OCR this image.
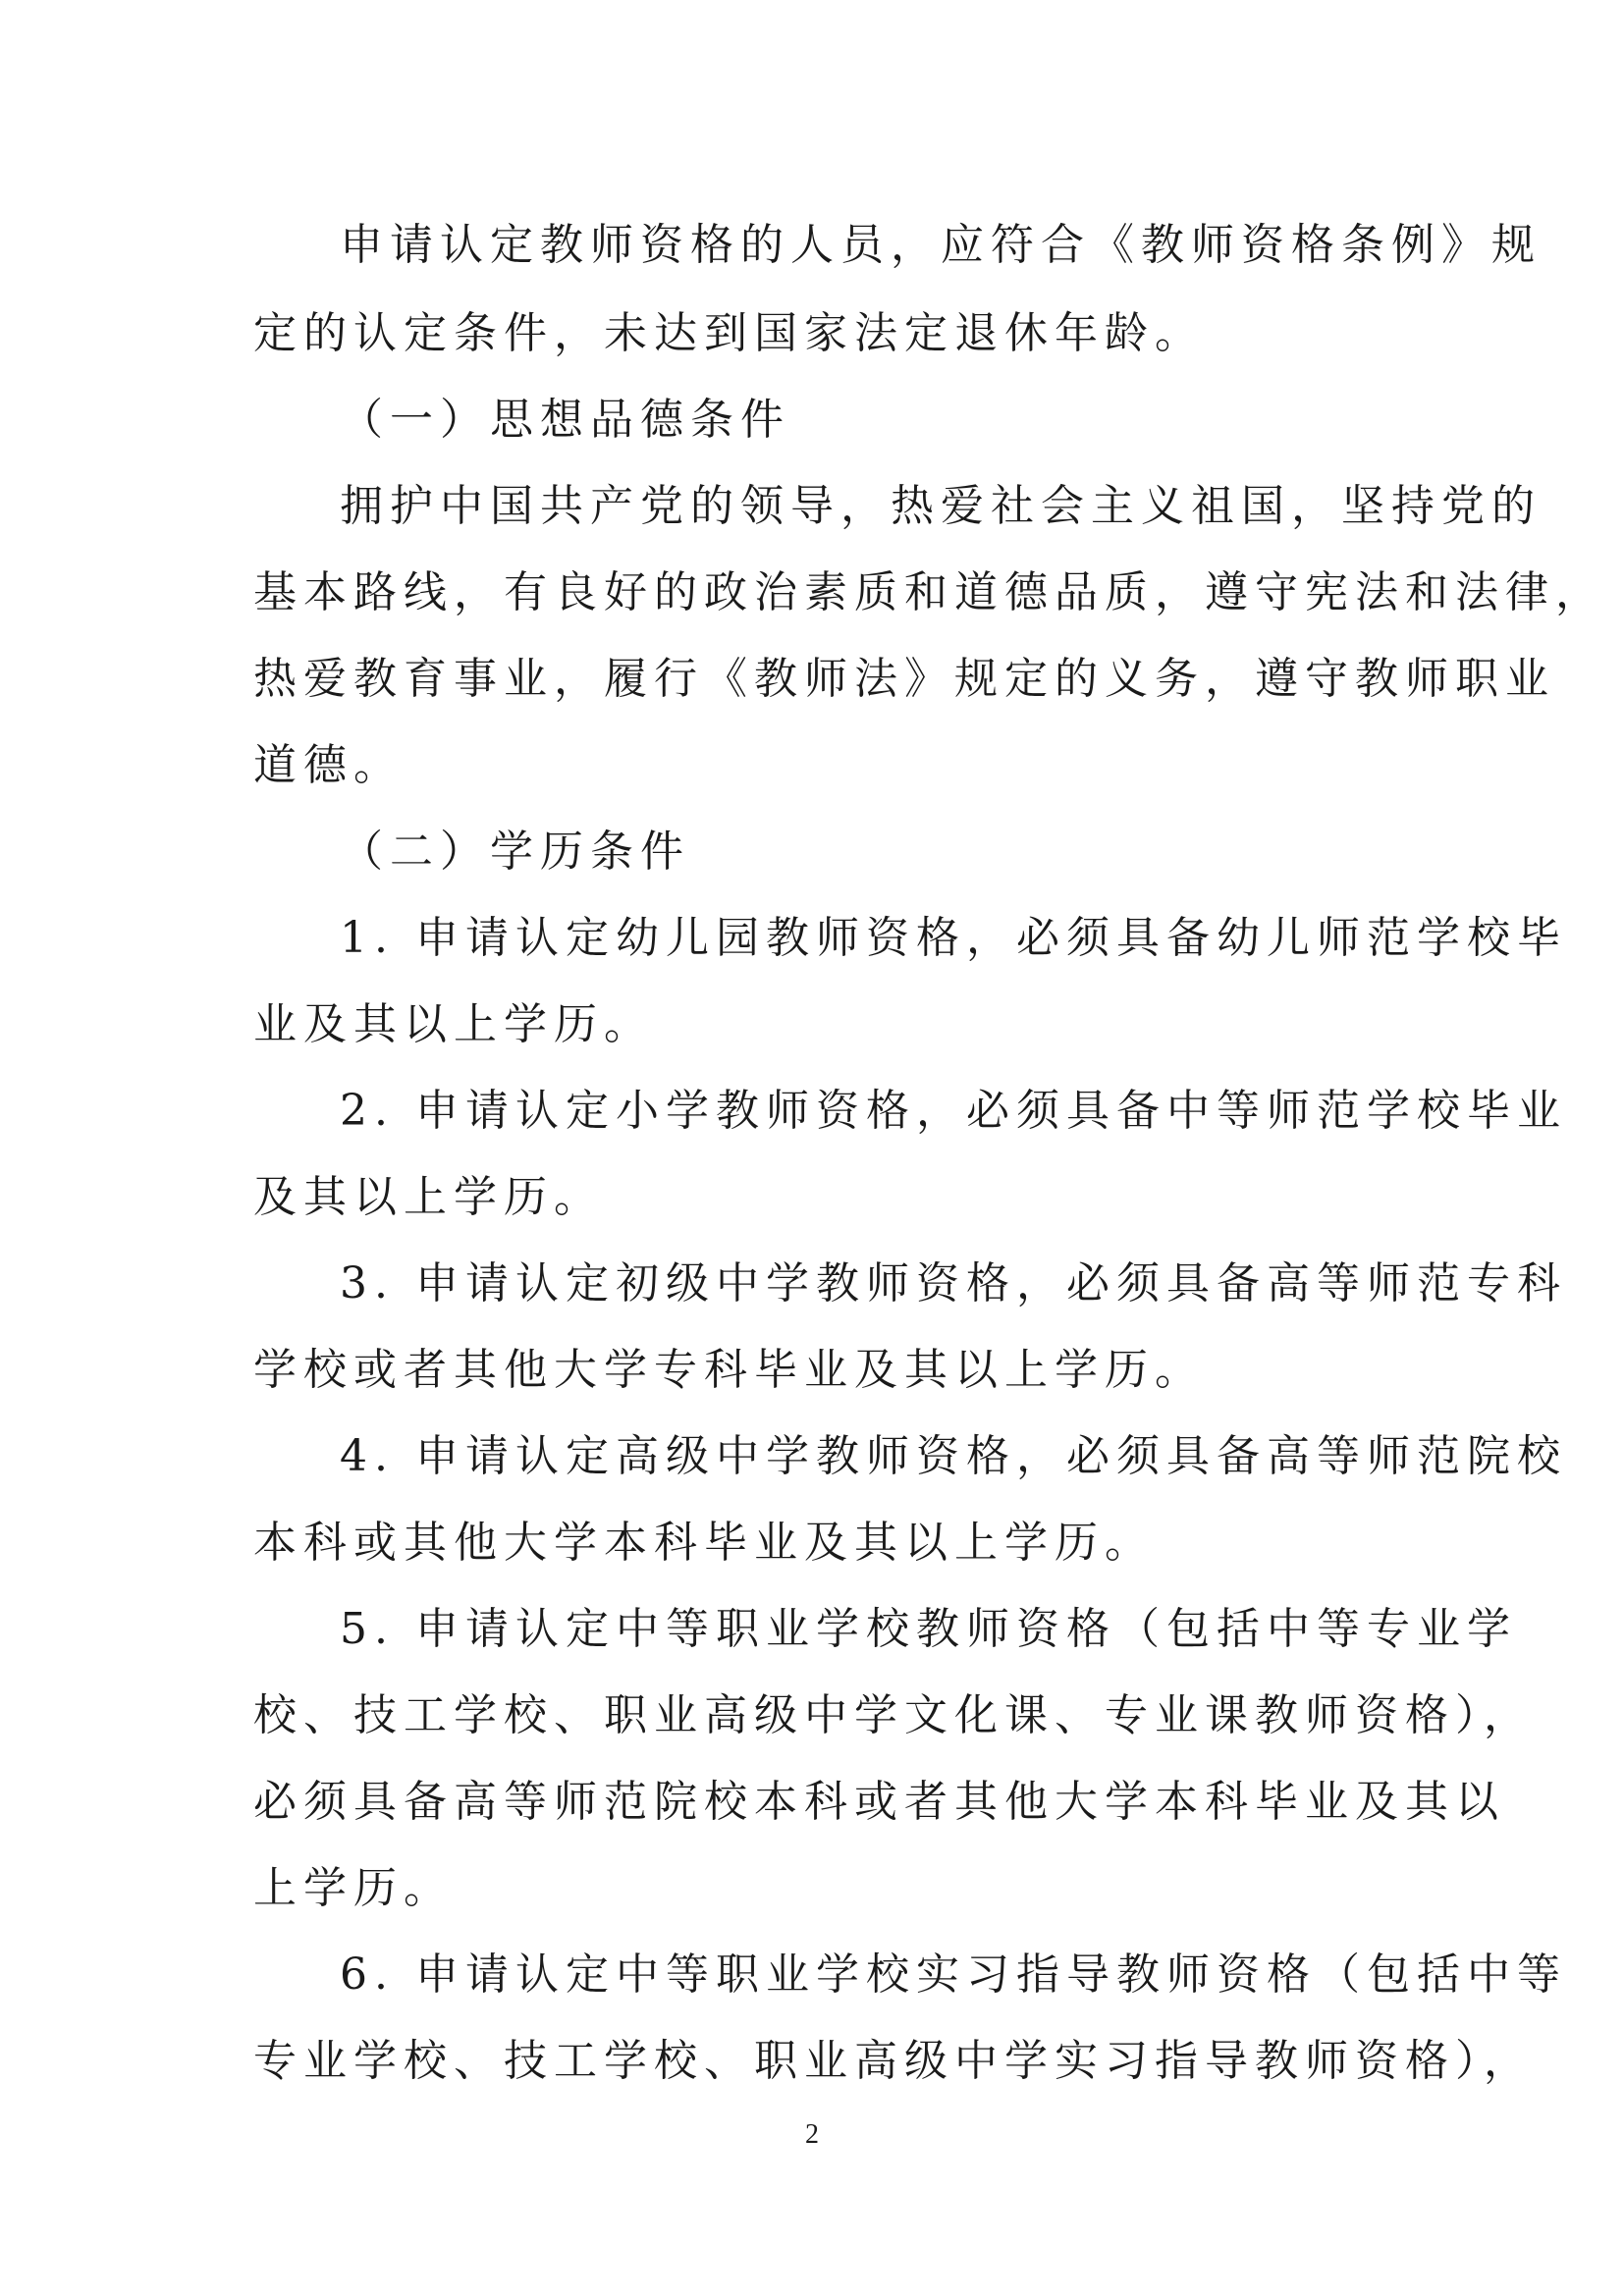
申请认定教师资格的人员，应符合《教师资格条例》规
定的认定条件，未达到国家法定退休年龄。
（一）思想品德条件
拥护中国共产党的领导，热爱社会主义祖国，坚持党的
基本路线，有良好的政治素质和道德品质，遵守宪法和法律，
热爱教育事业，履行《教师法》规定的义务，遵守教师职业
道德。
（二）学历条件
1. 申请认定幼儿园教师资格，必须具备幼儿师范学校毕
业及其以上学历。
2. 申请认定小学教师资格，必须具备中等师范学校毕业
及其以上学历。
3. 申请认定初级中学教师资格，必须具备高等师范专科
学校或者其他大学专科毕业及其以上学历。
4. 申请认定高级中学教师资格，必须具备高等师范院校
本科或其他大学本科毕业及其以上学历。
5. 申请认定中等职业学校教师资格（包括中等专业学
校、技工学校、职业高级中学文化课、专业课教师资格），
必须具备高等师范院校本科或者其他大学本科毕业及其以
上学历。
6. 申请认定中等职业学校实习指导教师资格（包括中等
专业学校、技工学校、职业高级中学实习指导教师资格），
2
